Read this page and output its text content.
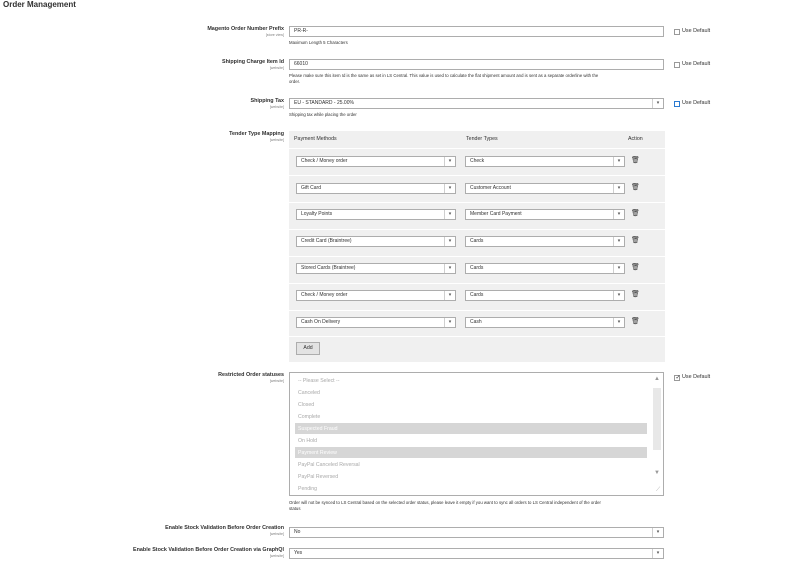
Order Management
Magento Order Number Prefix
[store view]
PR-R-
Maximum Length 5 Characters
Use Default
Shipping Charge Item Id
[website]
66010
Please make sure this item Id is the same as set in LS Central. This value is used to calculate the flat shipment amount and is sent as a separate orderline with the
order.
Use Default
Shipping Tax
[website]
EU - STANDARD - 25.00%	▾
Shipping tax while placing the order
Use Default
Tender Type Mapping
[website] Payment Methods	Tender Types	Action
Check / Money order	▾	Check	▾	🗑
Gift Card	▾	Customer Account	▾	🗑
Loyalty Points	▾	Member Card Payment	▾	🗑
Credit Card (Braintree)	▾	Cards	▾	🗑
Stored Cards (Braintree)	▾	Cards	▾	🗑
Check / Money order	▾	Cards	▾	🗑
Cash On Delivery	▾	Cash	▾	🗑
Add
Restricted Order statuses
[website]	-- Please Select --
Canceled
Closed
Complete
Suspected Fraud
On Hold
Payment Review
PayPal Canceled Reversal
PayPal Reversed
Pending
▲
▼
⟋
Order will not be synced to LS Central based on the selected order status, please leave it empty if you want to sync all orders to LS Central independent of the order
status
✓
Use Default
Enable Stock Validation Before Order Creation
[website]	No	▾
Enable Stock Validation Before Order Creation via GraphQl
[website]	Yes	▾
